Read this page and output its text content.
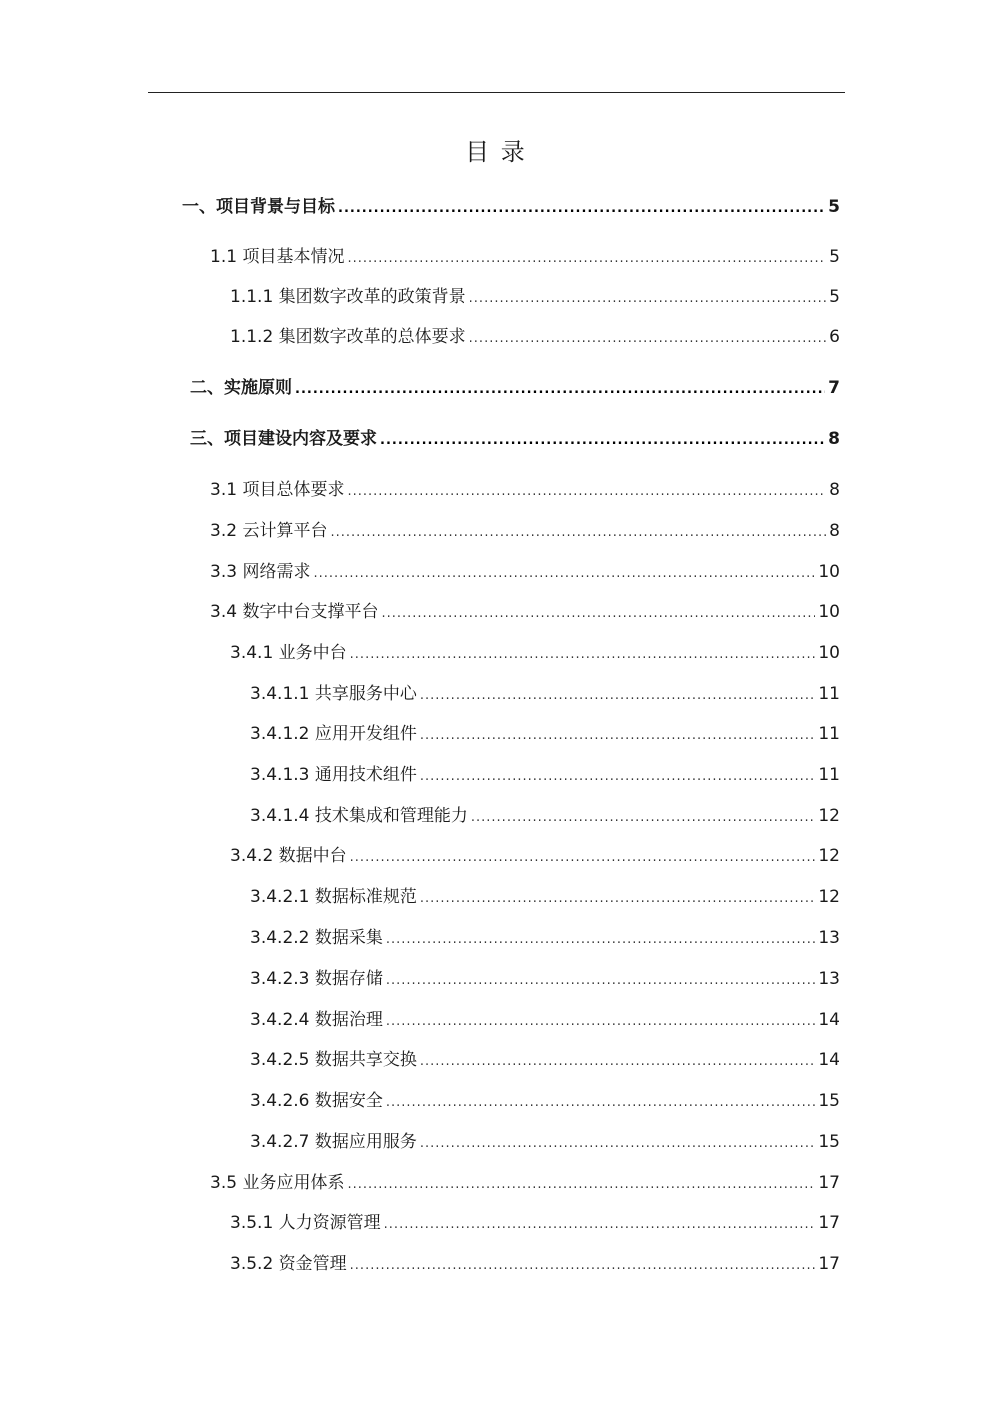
目 录
一、项目背景与目标 .....	5
1.1 项目基本情况 .....	5
1.1.1 集团数字改革的政策背景 .....	5
1.1.2 集团数字改革的总体要求 .....	6
二、实施原则 .....	7
三、项目建设内容及要求 .....	8
3.1 项目总体要求 .....	8
3.2 云计算平台 .....	8
3.3 网络需求 .....	10
3.4 数字中台支撑平台 .....	10
3.4.1 业务中台 .....	10
3.4.1.1 共享服务中心 .....	11
3.4.1.2 应用开发组件 .....	11
3.4.1.3 通用技术组件 .....	11
3.4.1.4 技术集成和管理能力 .....	12
3.4.2 数据中台 .....	12
3.4.2.1 数据标准规范 .....	12
3.4.2.2 数据采集 .....	13
3.4.2.3 数据存储 .....	13
3.4.2.4 数据治理 .....	14
3.4.2.5 数据共享交换 .....	14
3.4.2.6 数据安全 .....	15
3.4.2.7 数据应用服务 .....	15
3.5 业务应用体系 .....	17
3.5.1 人力资源管理 .....	17
3.5.2 资金管理 .....	17
